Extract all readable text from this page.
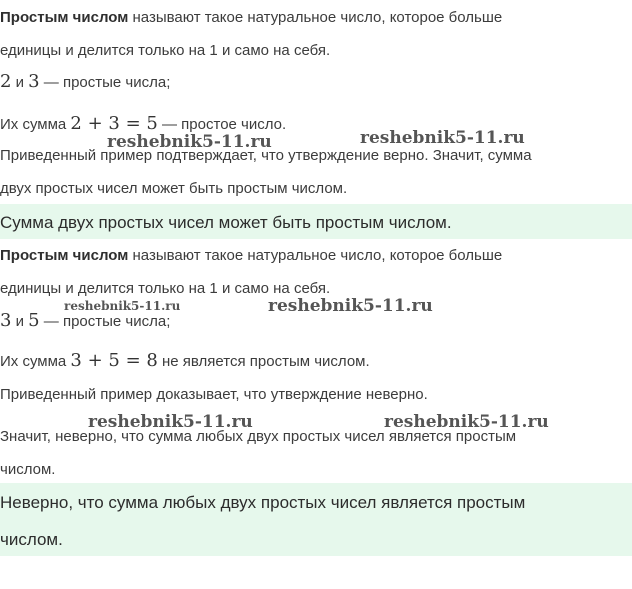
Простым числом называют такое натуральное число, которое больше
единицы и делится только на 1 и само на себя.
2 и 3 — простые числа;
Их сумма 2 + 3 = 5 — простое число.
Приведенный пример подтверждает, что утверждение верно. Значит, сумма
двух простых чисел может быть простым числом.
Сумма двух простых чисел может быть простым числом.
Простым числом называют такое натуральное число, которое больше
единицы и делится только на 1 и само на себя.
3 и 5 — простые числа;
Их сумма 3 + 5 = 8 не является простым числом.
Приведенный пример доказывает, что утверждение неверно.
Значит, неверно, что сумма любых двух простых чисел является простым
числом.
Неверно, что сумма любых двух простых чисел является простым
числом.
reshebnik5-11.ru	reshebnik5-11.ru
reshebnik5-11.ru	reshebnik5-11.ru
reshebnik5-11.ru	reshebnik5-11.ru
